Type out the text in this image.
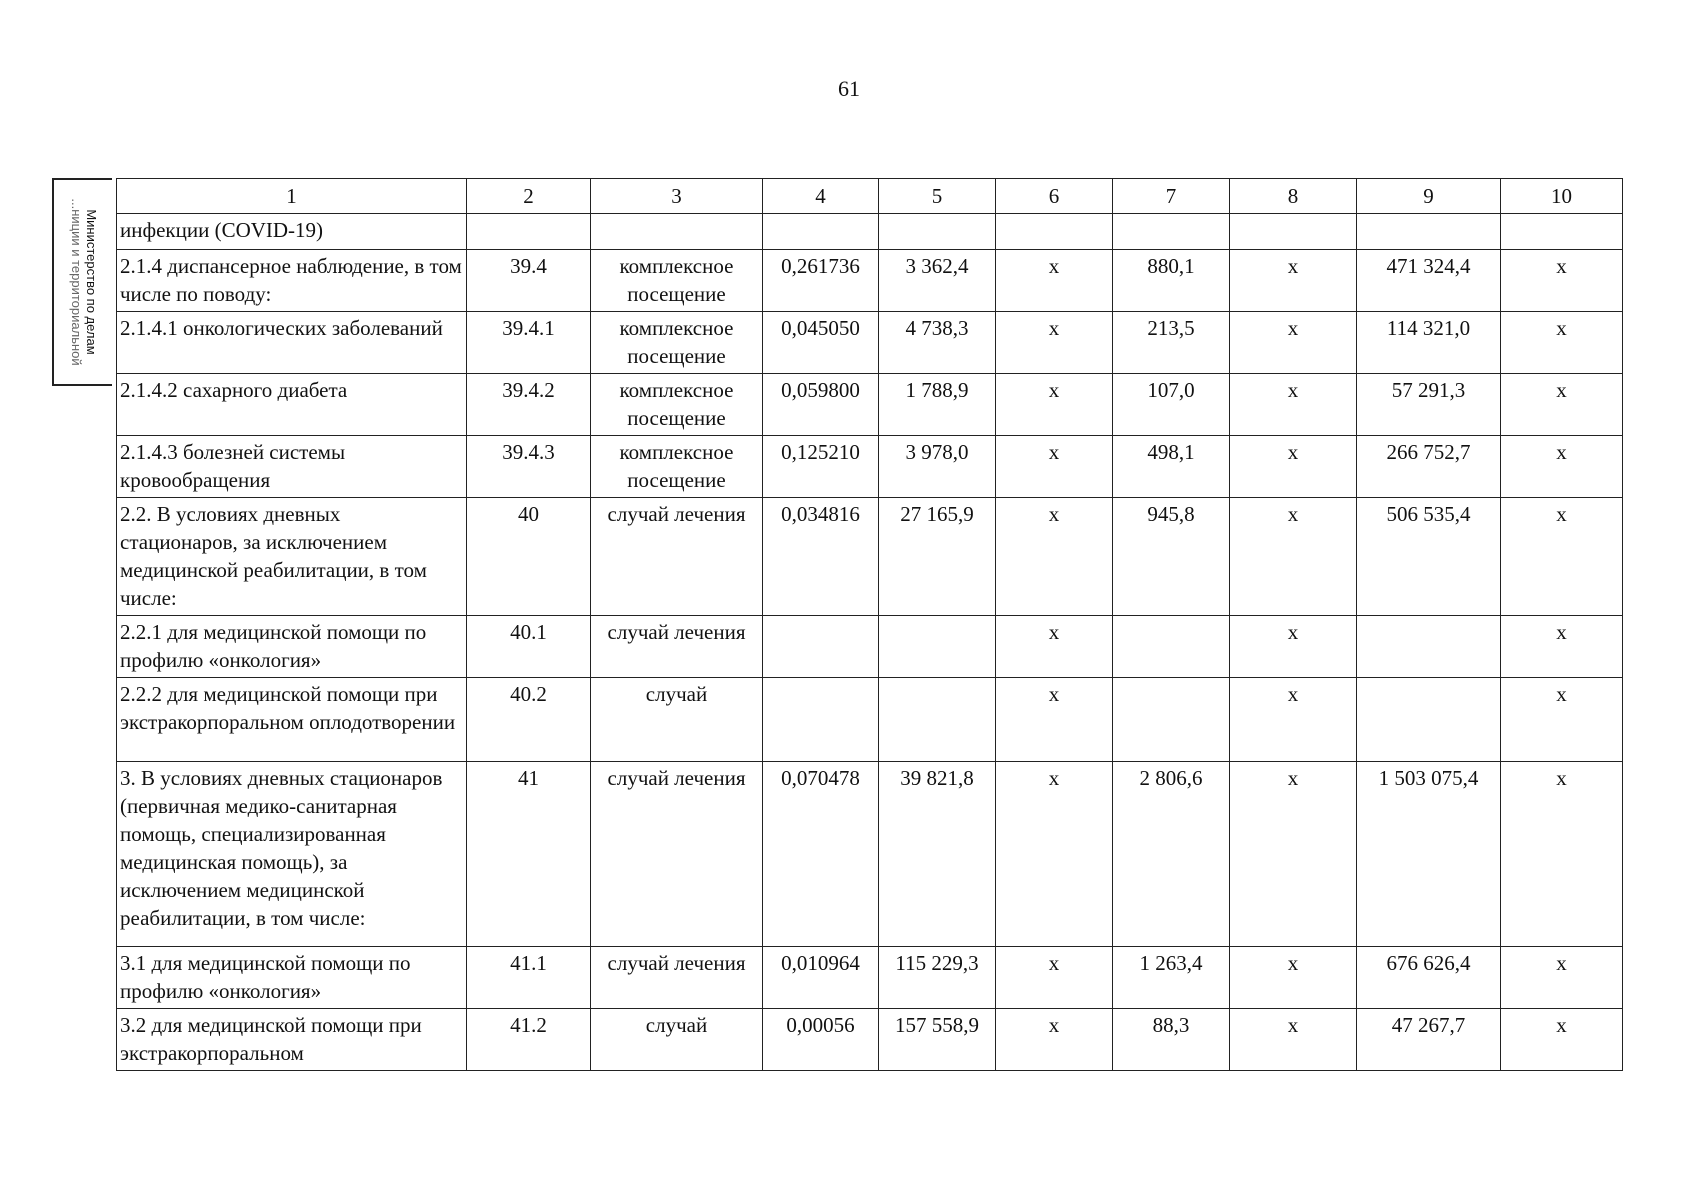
61
Министерство по делам
...ниции и территориальной
1	2	3	4	5	6	7	8	9	10
инфекции (COVID-19)									
2.1.4 диспансерное наблюдение, в том числе по поводу:	39.4	комплексное посещение	0,261736	3 362,4	x	880,1	x	471 324,4	x
2.1.4.1 онкологических заболеваний	39.4.1	комплексное посещение	0,045050	4 738,3	x	213,5	x	114 321,0	x
2.1.4.2 сахарного диабета	39.4.2	комплексное посещение	0,059800	1 788,9	x	107,0	x	57 291,3	x
2.1.4.3 болезней системы кровообращения	39.4.3	комплексное посещение	0,125210	3 978,0	x	498,1	x	266 752,7	x
2.2. В условиях дневных стационаров, за исключением медицинской реабилитации, в том числе:	40	случай лечения	0,034816	27 165,9	x	945,8	x	506 535,4	x
2.2.1 для медицинской помощи по профилю «онкология»	40.1	случай лечения			x		x		x
2.2.2 для медицинской помощи при экстракорпоральном оплодотворении	40.2	случай			x		x		x
3. В условиях дневных стационаров (первичная медико-санитарная помощь, специализированная медицинская помощь), за исключением медицинской реабилитации, в том числе:	41	случай лечения	0,070478	39 821,8	x	2 806,6	x	1 503 075,4	x
3.1 для медицинской помощи по профилю «онкология»	41.1	случай лечения	0,010964	115 229,3	x	1 263,4	x	676 626,4	x
3.2 для медицинской помощи при экстракорпоральном	41.2	случай	0,00056	157 558,9	x	88,3	x	47 267,7	x
